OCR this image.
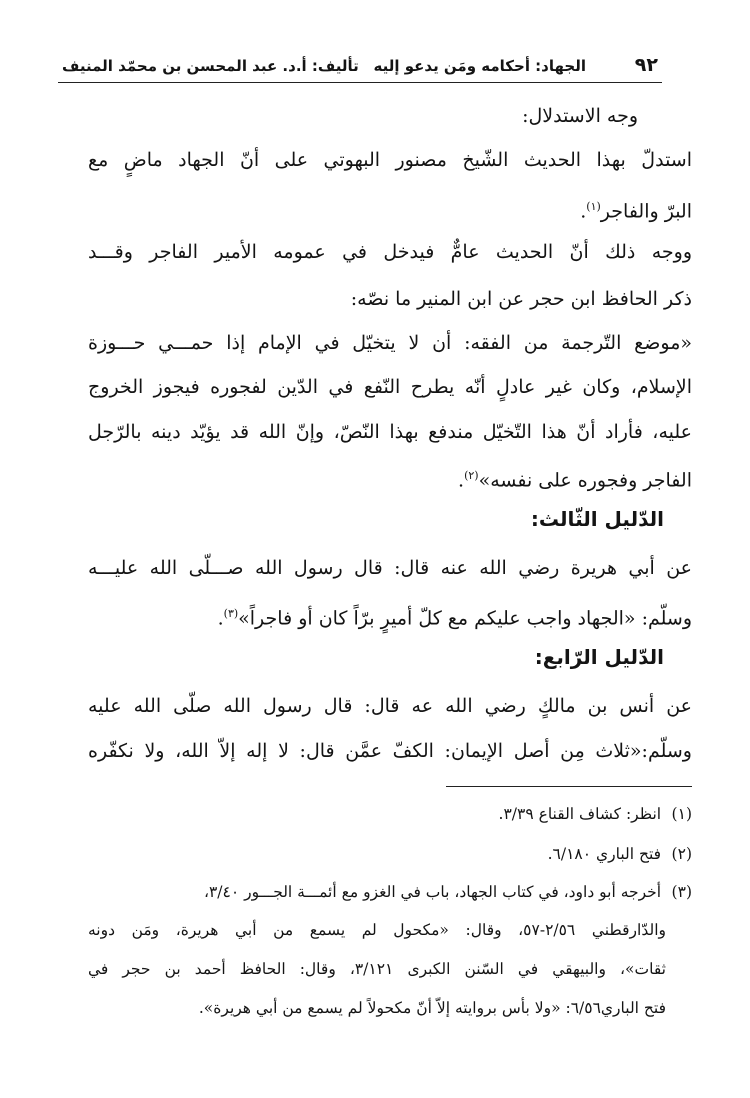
٩٢
الجهاد: أحكامه ومَن يدعو إليه
تأليف: أ.د. عبد المحسن بن محمّد المنيف
وجه الاستدلال:
استدلّ بهذا الحديث الشّيخ مصنور البهوتي على أنّ الجهاد ماضٍ مع
البرّ والفاجر$^{(١)}$.
ووجه ذلك أنّ الحديث عامٌّ فيدخل في عمومه الأمير الفاجر وقـــد
ذكر الحافظ ابن حجر عن ابن المنير ما نصّه:
«موضع التّرجمة من الفقه: أن لا يتخيّل في الإمام إذا حمـــي حـــوزة
الإسلام، وكان غير عادلٍ أنّه يطرح النّفع في الدّين لفجوره فيجوز الخروج
عليه، فأراد أنّ هذا التّخيّل مندفع بهذا النّصّ، وإنّ الله قد يؤيّد دينه بالرّجل
الفاجر وفجوره على نفسه»$^{(٢)}$.
الدّليل الثّالث:
عن أبي هريرة رضي الله عنه قال: قال رسول الله صـــلّى الله عليـــه
وسلّم: «الجهاد واجب عليكم مع كلّ أميرٍ برّاً كان أو فاجراً»$^{(٣)}$.
الدّليل الرّابع:
عن أنس بن مالكٍ رضي الله عه قال: قال رسول الله صلّى الله عليه
وسلّم:«ثلاث مِن أصل الإيمان: الكفّ عمَّن قال: لا إله إلاّ الله، ولا نكفّره
(١) انظر: كشاف القناع ٣/٣٩.
(٢) فتح الباري ٦/١٨٠.
(٣) أخرجه أبو داود، في كتاب الجهاد، باب في الغزو مع أئمـــة الجـــور ٣/٤٠،
والدّارقطني ٢/٥٦-٥٧، وقال: «مكحول لم يسمع من أبي هريرة، ومَن دونه
ثقات»، والبيهقي في السّنن الكبرى ٣/١٢١، وقال: الحافظ أحمد بن حجر في
فتح الباري٦/٥٦: «ولا بأس بروايته إلاّ أنّ مكحولاً لم يسمع من أبي هريرة».
